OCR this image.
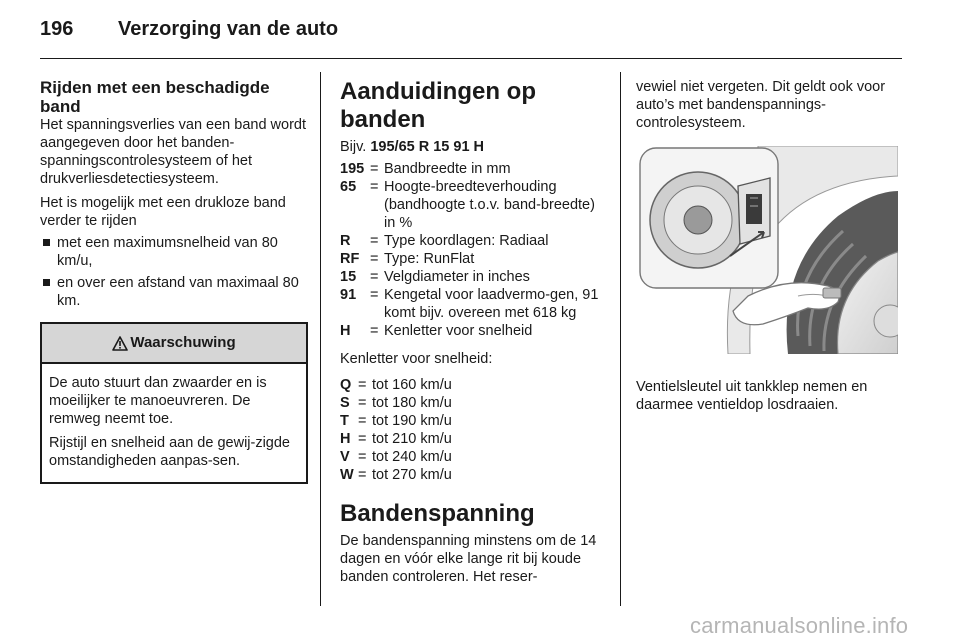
196 Verzorging van de auto
Rijden met een beschadigde band

Het spanningsverlies van een band wordt aangegeven door het banden-spanningscontrolesysteem of het drukverliesdetectiesysteem.

Het is mogelijk met een drukloze band verder te rijden

met een maximumsnelheid van 80 km/u,
en over een afstand van maximaal 80 km.
Waarschuwing

De auto stuurt dan zwaarder en is moeilijker te manoeuvreren. De remweg neemt toe.

Rijstijl en snelheid aan de gewij-zigde omstandigheden aanpas-sen.

Aanduidingen op banden

Bijv. 195/65 R 15 91 H

195 = Bandbreedte in mm
65 = Hoogte-breedteverhouding (bandhoogte t.o.v. band-breedte) in %
R	= Type koordlagen: Radiaal
RF = Type: RunFlat
15 = Velgdiameter in inches
91 = Kengetal voor laadvermo-gen, 91 komt bijv. overeen met 618 kg
H	= Kenletter voor snelheid

Kenletter voor snelheid:

Q = tot 160 km/u
S = tot 180 km/u
T = tot 190 km/u
H = tot 210 km/u
V = tot 240 km/u
W = tot 270 km/u
Bandenspanning

De bandenspanning minstens om de 14 dagen en vóór elke lange rit bij koude banden controleren. Het reser-

vewiel niet vergeten. Dit geldt ook voor auto’s met bandenspannings-controlesysteem.

Ventielsleutel uit tankklep nemen en daarmee ventieldop losdraaien.

carmanualsonline.info
